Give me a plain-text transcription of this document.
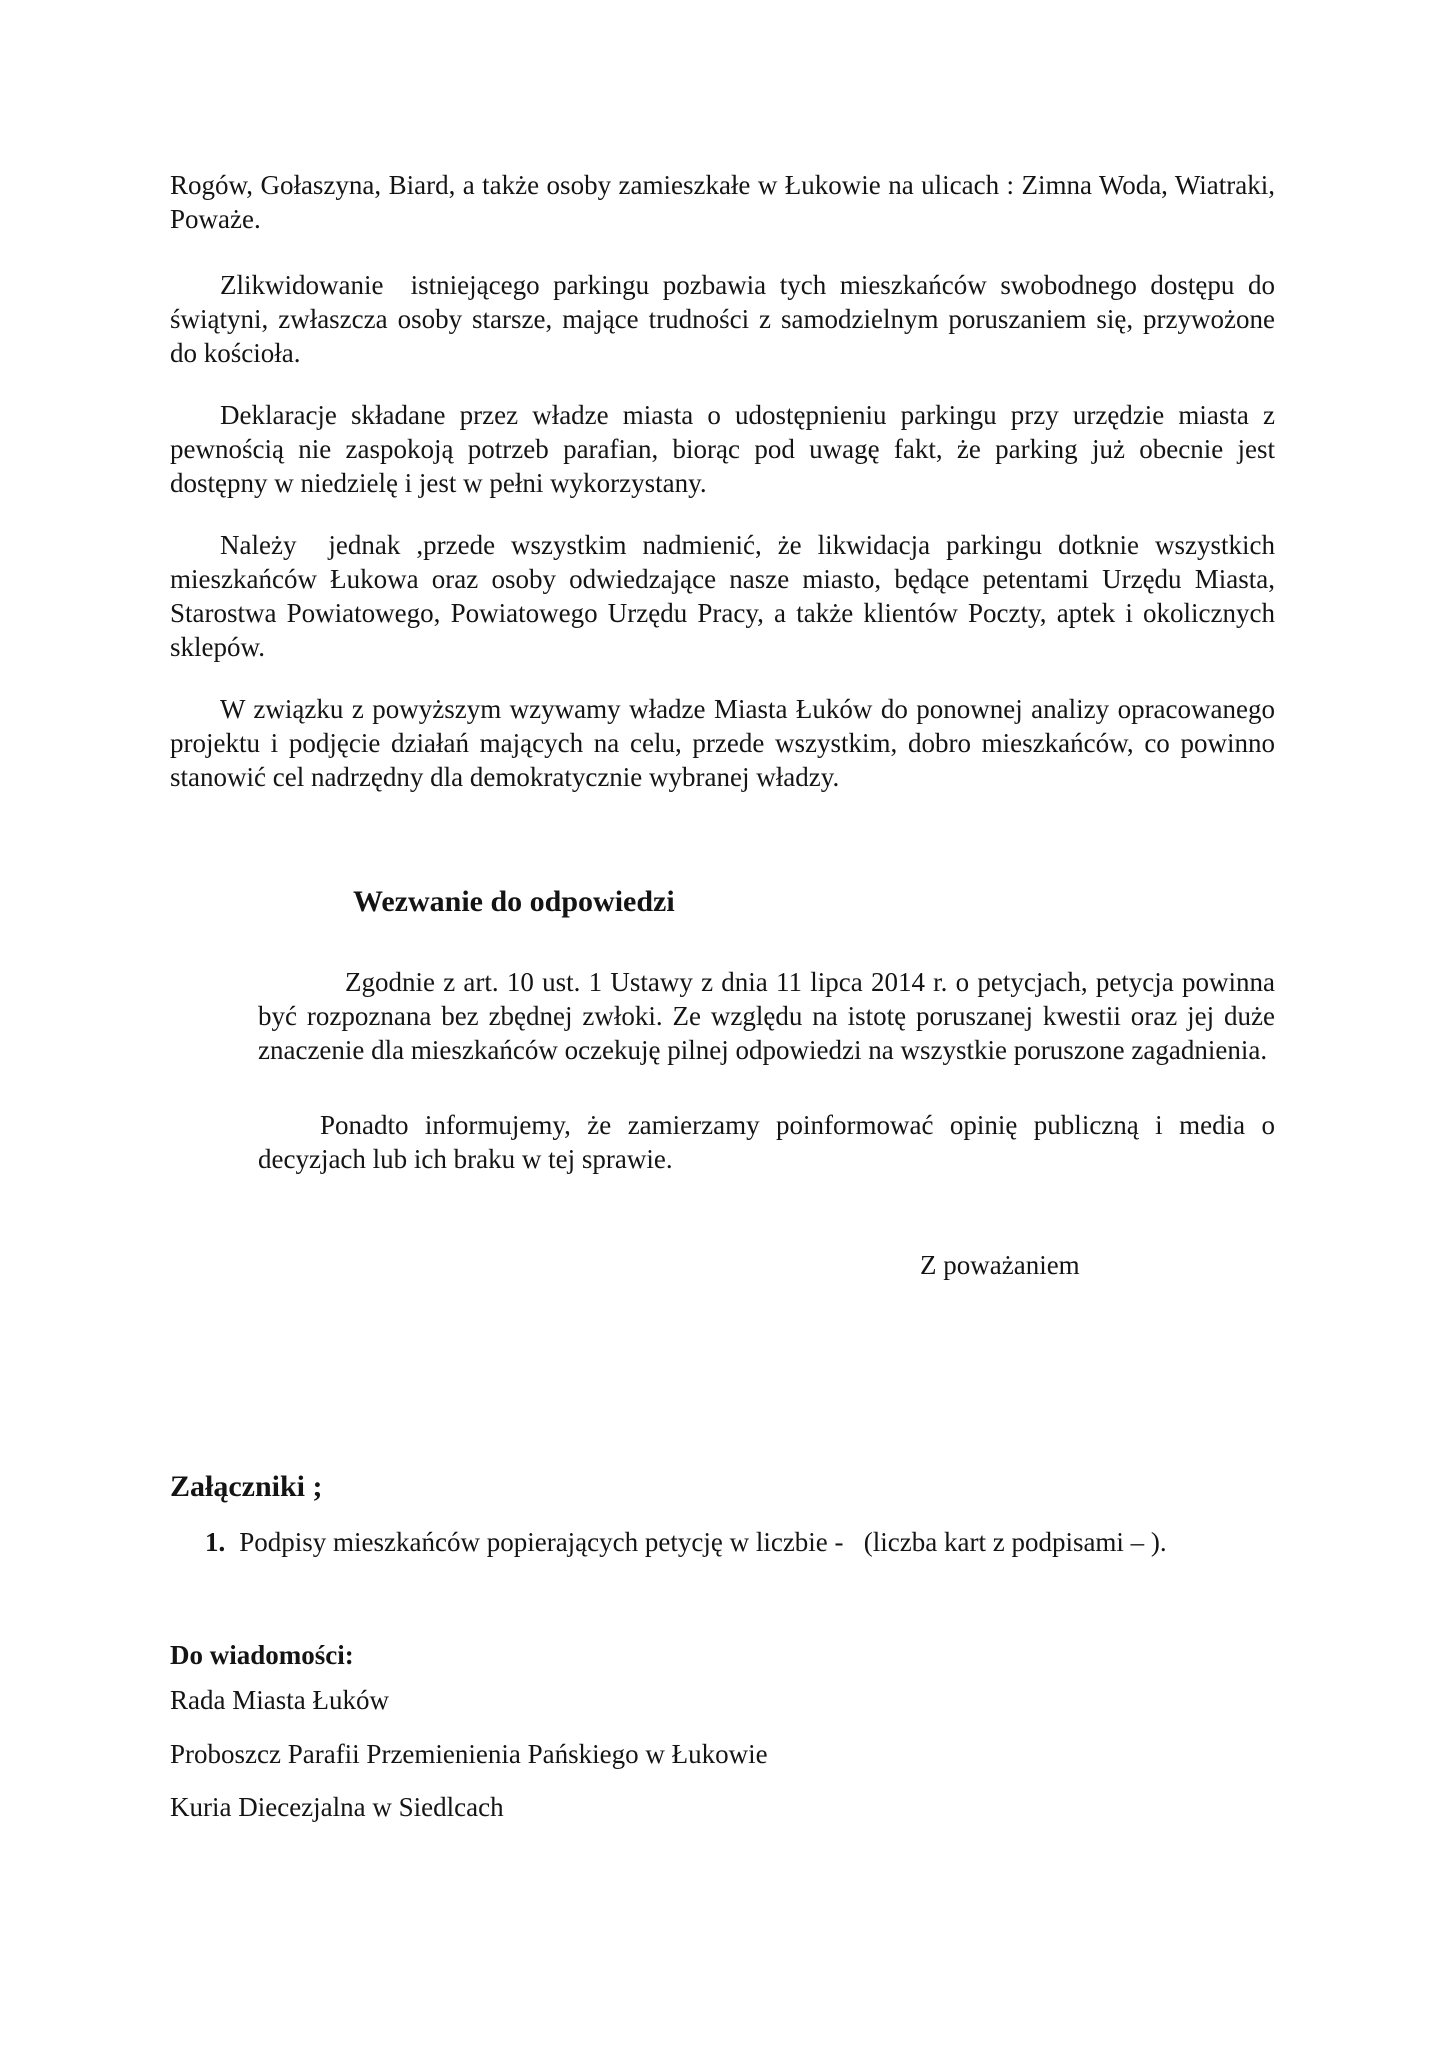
Rogów, Gołaszyna, Biard, a także osoby zamieszkałe w Łukowie na ulicach : Zimna Woda, Wiatraki, Poważe.

Zlikwidowanie  istniejącego parkingu pozbawia tych mieszkańców swobodnego dostępu do świątyni, zwłaszcza osoby starsze, mające trudności z samodzielnym poruszaniem się, przywożone do kościoła.

Deklaracje składane przez władze miasta o udostępnieniu parkingu przy urzędzie miasta z pewnością nie zaspokoją potrzeb parafian, biorąc pod uwagę fakt, że parking już obecnie jest dostępny w niedzielę i jest w pełni wykorzystany.

Należy  jednak ,przede wszystkim nadmienić, że likwidacja parkingu dotknie wszystkich mieszkańców Łukowa oraz osoby odwiedzające nasze miasto, będące petentami Urzędu Miasta, Starostwa Powiatowego, Powiatowego Urzędu Pracy, a także klientów Poczty, aptek i okolicznych sklepów.

W związku z powyższym wzywamy władze Miasta Łuków do ponownej analizy opracowanego projektu i podjęcie działań mających na celu, przede wszystkim, dobro mieszkańców, co powinno stanowić cel nadrzędny dla demokratycznie wybranej władzy.

Wezwanie do odpowiedzi

Zgodnie z art. 10 ust. 1 Ustawy z dnia 11 lipca 2014 r. o petycjach, petycja powinna być rozpoznana bez zbędnej zwłoki. Ze względu na istotę poruszanej kwestii oraz jej duże znaczenie dla mieszkańców oczekuję pilnej odpowiedzi na wszystkie poruszone zagadnienia.

Ponadto informujemy, że zamierzamy poinformować opinię publiczną i media o decyzjach lub ich braku w tej sprawie.

Z poważaniem

Załączniki ;
1. Podpisy mieszkańców popierających petycję w liczbie -   (liczba kart z podpisami – ).
Do wiadomości:

Rada Miasta Łuków

Proboszcz Parafii Przemienienia Pańskiego w Łukowie

Kuria Diecezjalna w Siedlcach
